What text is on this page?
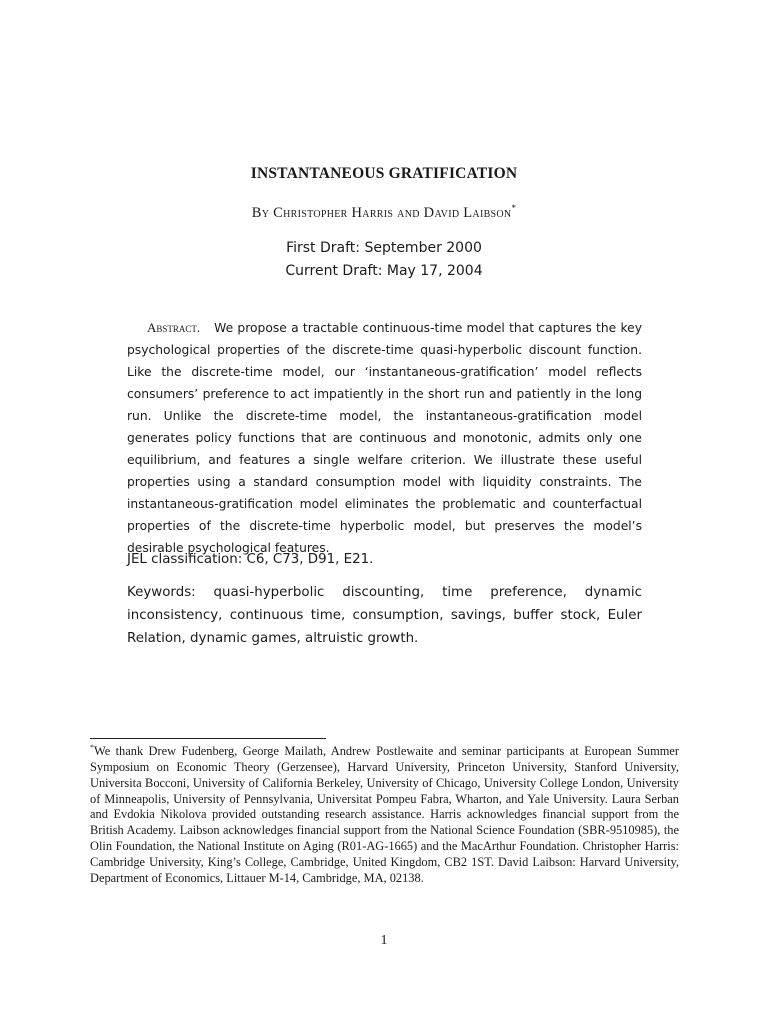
INSTANTANEOUS GRATIFICATION
By Christopher Harris and David Laibson*
First Draft: September 2000
Current Draft: May 17, 2004
Abstract. We propose a tractable continuous-time model that captures the key psychological properties of the discrete-time quasi-hyperbolic discount function. Like the discrete-time model, our ‘instantaneous-gratification’ model reflects consumers’ preference to act impatiently in the short run and patiently in the long run. Unlike the discrete-time model, the instantaneous-gratification model generates policy functions that are continuous and monotonic, admits only one equilibrium, and features a single welfare criterion. We illustrate these useful properties using a standard consumption model with liquidity constraints. The instantaneous-gratification model eliminates the problematic and counterfactual properties of the discrete-time hyperbolic model, but preserves the model’s desirable psychological features.
JEL classification: C6, C73, D91, E21.
Keywords: quasi-hyperbolic discounting, time preference, dynamic inconsistency, continuous time, consumption, savings, buffer stock, Euler Relation, dynamic games, altruistic growth.
*We thank Drew Fudenberg, George Mailath, Andrew Postlewaite and seminar participants at European Summer Symposium on Economic Theory (Gerzensee), Harvard University, Princeton University, Stanford University, Universita Bocconi, University of California Berkeley, University of Chicago, University College London, University of Minneapolis, University of Pennsylvania, Universitat Pompeu Fabra, Wharton, and Yale University. Laura Serban and Evdokia Nikolova provided outstanding research assistance. Harris acknowledges financial support from the British Academy. Laibson acknowledges financial support from the National Science Foundation (SBR-9510985), the Olin Foundation, the National Institute on Aging (R01-AG-1665) and the MacArthur Foundation. Christopher Harris: Cambridge University, King’s College, Cambridge, United Kingdom, CB2 1ST. David Laibson: Harvard University, Department of Economics, Littauer M-14, Cambridge, MA, 02138.
1
